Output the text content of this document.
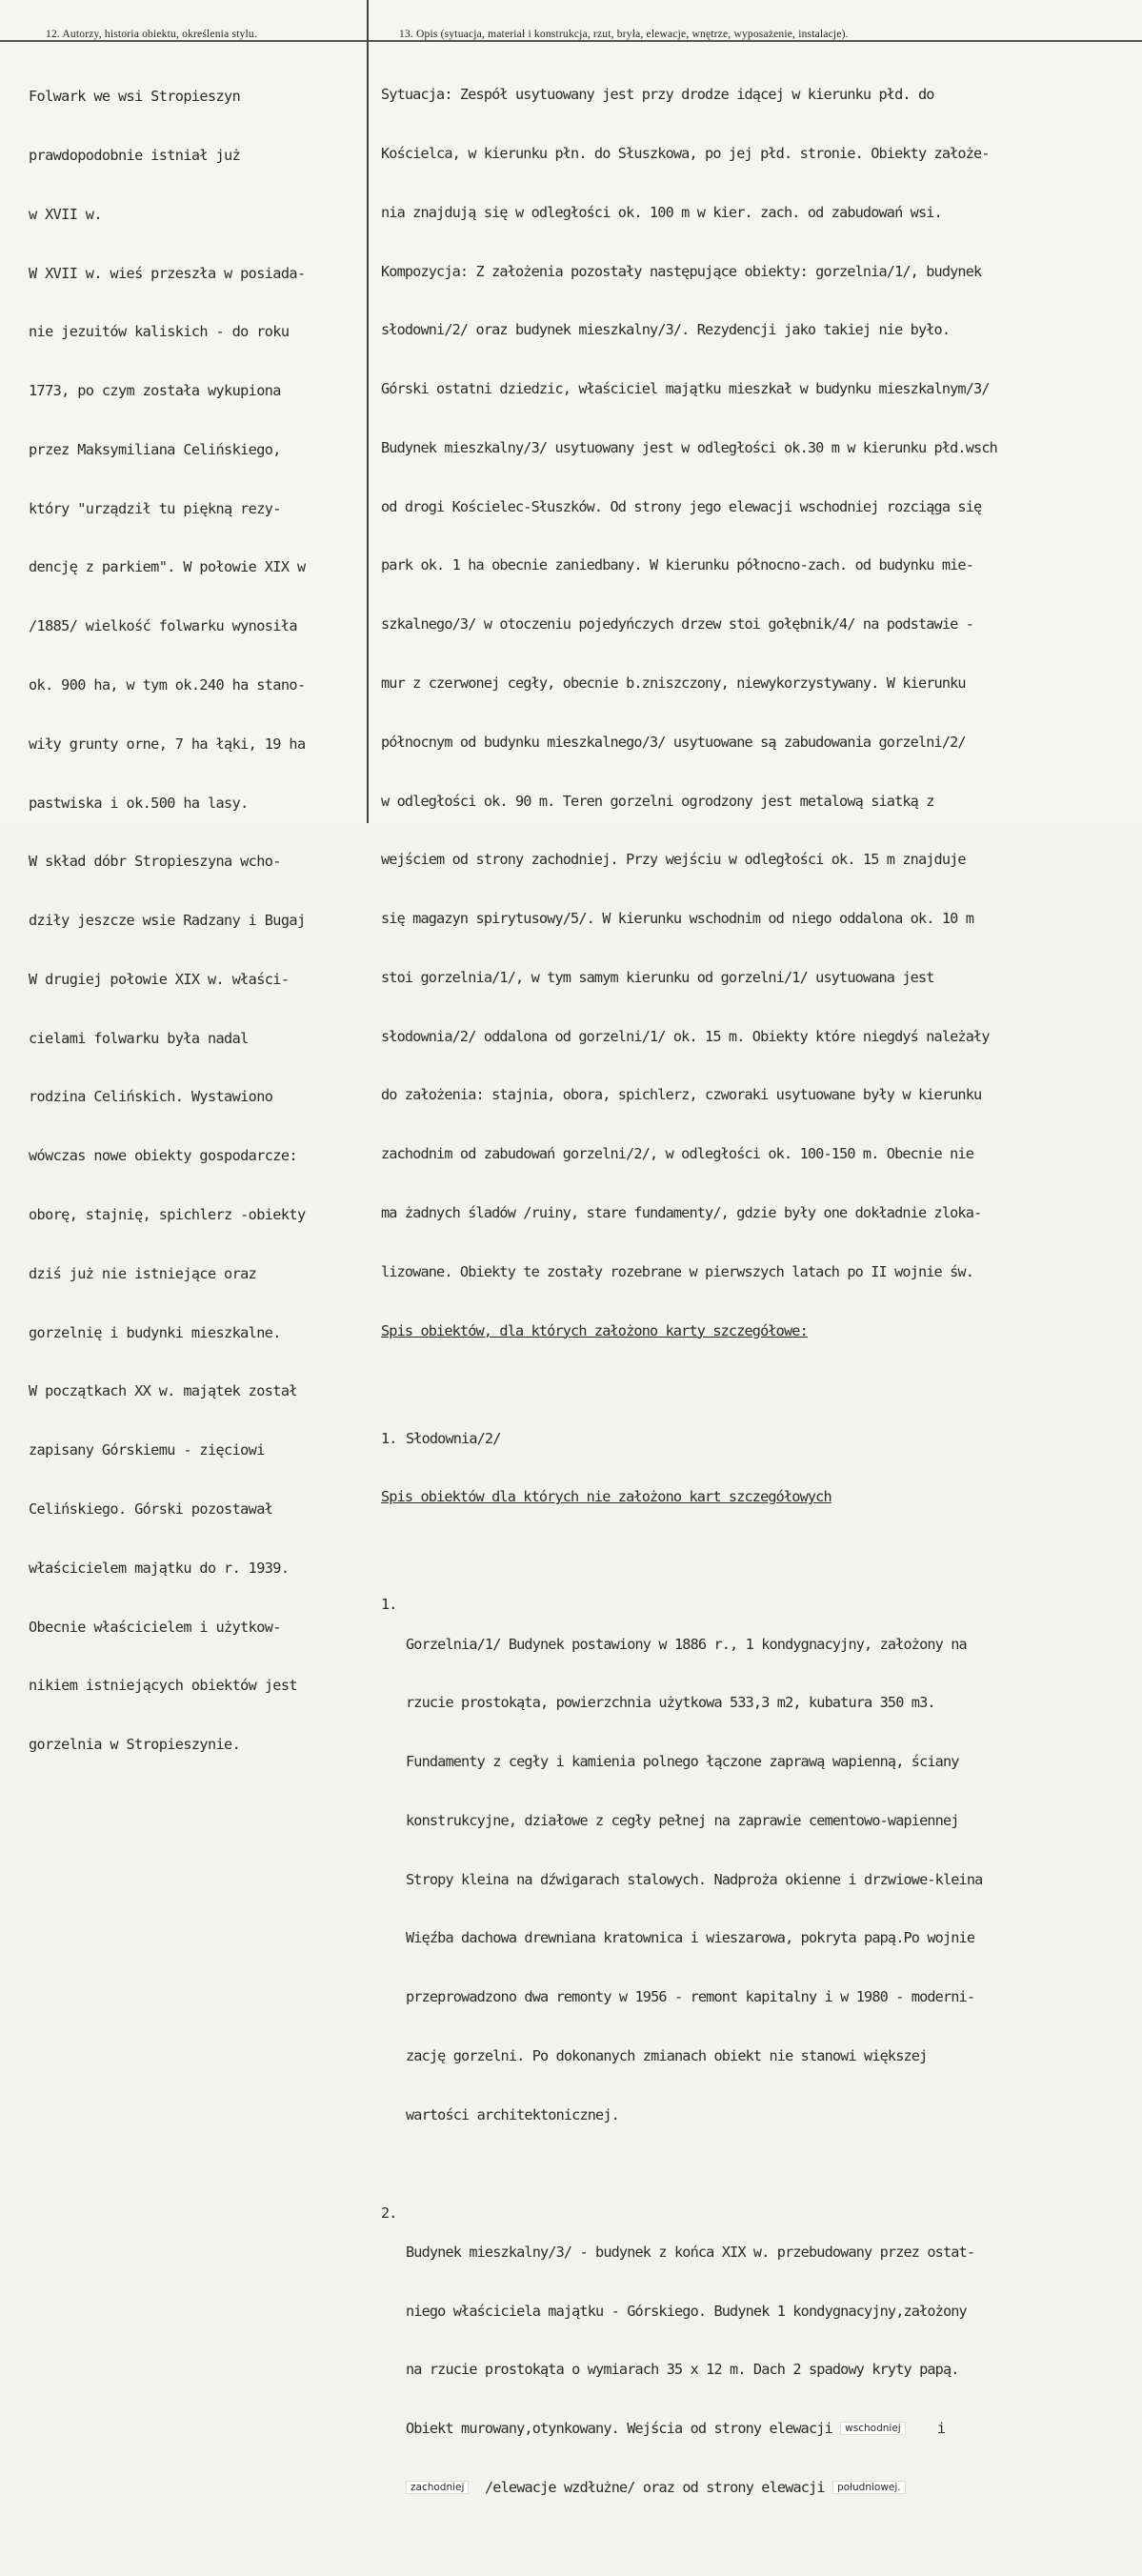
12. Autorzy, historia obiektu, określenia stylu.

Folwark we wsi Stropieszyn

prawdopodobnie istniał już

w XVII w.

W XVII w. wieś przeszła w posiada-

nie jezuitów kaliskich - do roku

1773, po czym została wykupiona

przez Maksymiliana Celińskiego,

który "urządził tu piękną rezy-

dencję z parkiem". W połowie XIX w

/1885/ wielkość folwarku wynosiła

ok. 900 ha, w tym ok.240 ha stano-

wiły grunty orne, 7 ha łąki, 19 ha

pastwiska i ok.500 ha lasy.

W skład dóbr Stropieszyna wcho-

dziły jeszcze wsie Radzany i Bugaj

W drugiej połowie XIX w. właści-

cielami folwarku była nadal

rodzina Celińskich. Wystawiono

wówczas nowe obiekty gospodarcze:

oborę, stajnię, spichlerz -obiekty

dziś już nie istniejące oraz

gorzelnię i budynki mieszkalne.

W początkach XX w. majątek został

zapisany Górskiemu - zięciowi

Celińskiego. Górski pozostawał

właścicielem majątku do r. 1939.

Obecnie właścicielem i użytkow-

nikiem istniejących obiektów jest

gorzelnia w Stropieszynie.

13. Opis (sytuacja, materiał i konstrukcja, rzut, bryła, elewacje, wnętrze, wyposażenie, instalacje).

Sytuacja: Zespół usytuowany jest przy drodze idącej w kierunku płd. do

Kościelca, w kierunku płn. do Słuszkowa, po jej płd. stronie. Obiekty założe-

nia znajdują się w odległości ok. 100 m w kier. zach. od zabudowań wsi.

Kompozycja: Z założenia pozostały następujące obiekty: gorzelnia/1/, budynek

słodowni/2/ oraz budynek mieszkalny/3/. Rezydencji jako takiej nie było.

Górski ostatni dziedzic, właściciel majątku mieszkał w budynku mieszkalnym/3/

Budynek mieszkalny/3/ usytuowany jest w odległości ok.30 m w kierunku płd.wsch

od drogi Kościelec-Słuszków. Od strony jego elewacji wschodniej rozciąga się

park ok. 1 ha obecnie zaniedbany. W kierunku północno-zach. od budynku mie-

szkalnego/3/ w otoczeniu pojedyńczych drzew stoi gołębnik/4/ na podstawie -

mur z czerwonej cegły, obecnie b.zniszczony, niewykorzystywany. W kierunku

północnym od budynku mieszkalnego/3/ usytuowane są zabudowania gorzelni/2/

w odległości ok. 90 m. Teren gorzelni ogrodzony jest metalową siatką z

wejściem od strony zachodniej. Przy wejściu w odległości ok. 15 m znajduje

się magazyn spirytusowy/5/. W kierunku wschodnim od niego oddalona ok. 10 m

stoi gorzelnia/1/, w tym samym kierunku od gorzelni/1/ usytuowana jest

słodownia/2/ oddalona od gorzelni/1/ ok. 15 m. Obiekty które niegdyś należały

do założenia: stajnia, obora, spichlerz, czworaki usytuowane były w kierunku

zachodnim od zabudowań gorzelni/2/, w odległości ok. 100-150 m. Obecnie nie

ma żadnych śladów /ruiny, stare fundamenty/, gdzie były one dokładnie zloka-

lizowane. Obiekty te zostały rozebrane w pierwszych latach po II wojnie św.

Spis obiektów, dla których założono karty szczegółowe:

1. Słodownia/2/

Spis obiektów dla których nie założono kart szczegółowych

1.

Gorzelnia/1/ Budynek postawiony w 1886 r., 1 kondygnacyjny, założony na

rzucie prostokąta, powierzchnia użytkowa 533,3 m2, kubatura 350 m3.

Fundamenty z cegły i kamienia polnego łączone zaprawą wapienną, ściany

konstrukcyjne, działowe z cegły pełnej na zaprawie cementowo-wapiennej

Stropy kleina na dźwigarach stalowych. Nadproża okienne i drzwiowe-kleina

Więźba dachowa drewniana kratownica i wieszarowa, pokryta papą.Po wojnie

przeprowadzono dwa remonty w 1956 - remont kapitalny i w 1980 - moderni-

zację gorzelni. Po dokonanych zmianach obiekt nie stanowi większej

wartości architektonicznej.

2.

Budynek mieszkalny/3/ - budynek z końca XIX w. przebudowany przez ostat-

niego właściciela majątku - Górskiego. Budynek 1 kondygnacyjny,założony

na rzucie prostokąta o wymiarach 35 x 12 m. Dach 2 spadowy kryty papą.

Obiekt murowany,otynkowany. Wejścia od strony elewacji wschodniej	i

zachodniej /elewacje wzdłużne/ oraz od strony elewacji południowej.
